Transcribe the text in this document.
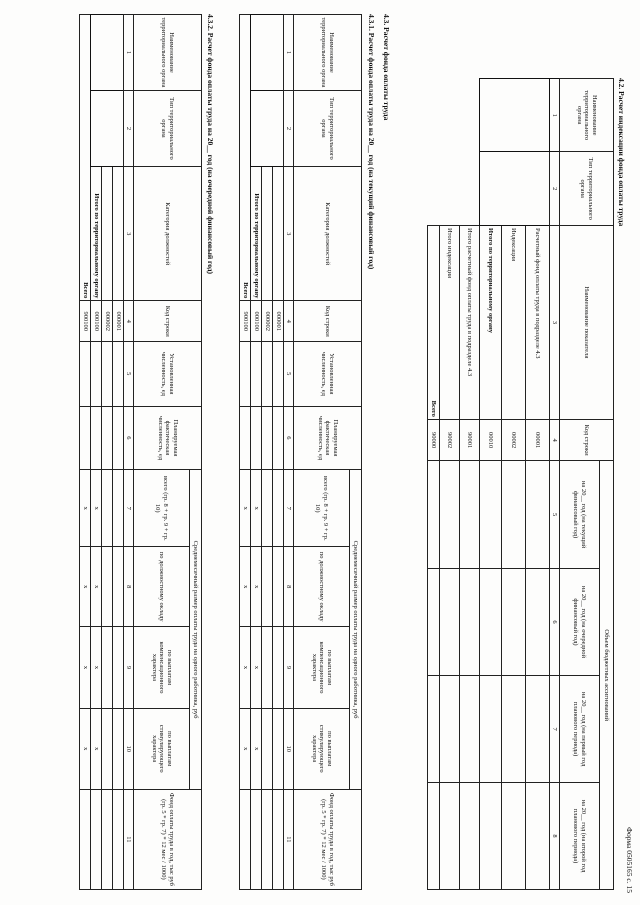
Форма 0505165 с. 15
4.2. Расчет индексации фонда оплаты труда
Наименование территориального органа	Тип территориального органа	Наименование показателя	Код строки	Объем бюджетных ассигнований			
				на 20__ год (на текущий финансовый год)	на 20__ год (на очередной финансовый год)	на 20__ год (на первый год планового периода)	на 20__ год (на второй год планового периода)
1	2	3	4	5	6	7	8
		Расчетный фонд оплаты труда в подразделе 4.3	00001				
		Индексация	00002				
		Итого по территориальному органу	00010				
		Итого расчетный фонд оплаты труда в подразделе 4.3	90001				
		Итого индексация	90002				
		Всего	90000				
4.3. Расчет фонда оплаты труда
4.3.1. Расчет фонда оплаты труда на 20__ год (на текущий финансовый год)
Наименование территориального органа	Тип территориального органа	Категория должностей	Код строки	Установленная численность, ед	Планируемая фактическая численность, ед	Среднемесячный размер оплаты труда на одного работника, руб				Фонд оплаты труда в год, тыс руб (гр. 5 * гр. 7) * 12 мес / 1000)
						всего (гр. 8 + гр. 9 + гр. 10)	по должностному окладу	по выплатам компенсационного характера	по выплатам стимулирующего характера	
1	2	3	4	5	6	7	8	9	10	11
			000001							
			000002							
		Итого по территориальному органу	000100			x	x	x	x	
Всего			900100			x	x	x	x	
4.3.2. Расчет фонда оплаты труда на 20__ год (на очередной финансовый год)
Наименование территориального органа	Тип территориального органа	Категория должностей	Код строки	Установленная численность, ед	Планируемая фактическая численность, ед	Среднемесячный размер оплаты труда на одного работника, руб				Фонд оплаты труда в год, тыс руб (гр. 5 * гр. 7) * 12 мес / 1000)
						всего (гр. 8 + гр. 9 + гр. 10)	по должностному окладу	по выплатам компенсационного характера	по выплатам стимулирующего характера	
1	2	3	4	5	6	7	8	9	10	11
			000001							
			000002							
		Итого по территориальному органу	000100			x	x	x	x	
Всего			900100			x	x	x	x	
